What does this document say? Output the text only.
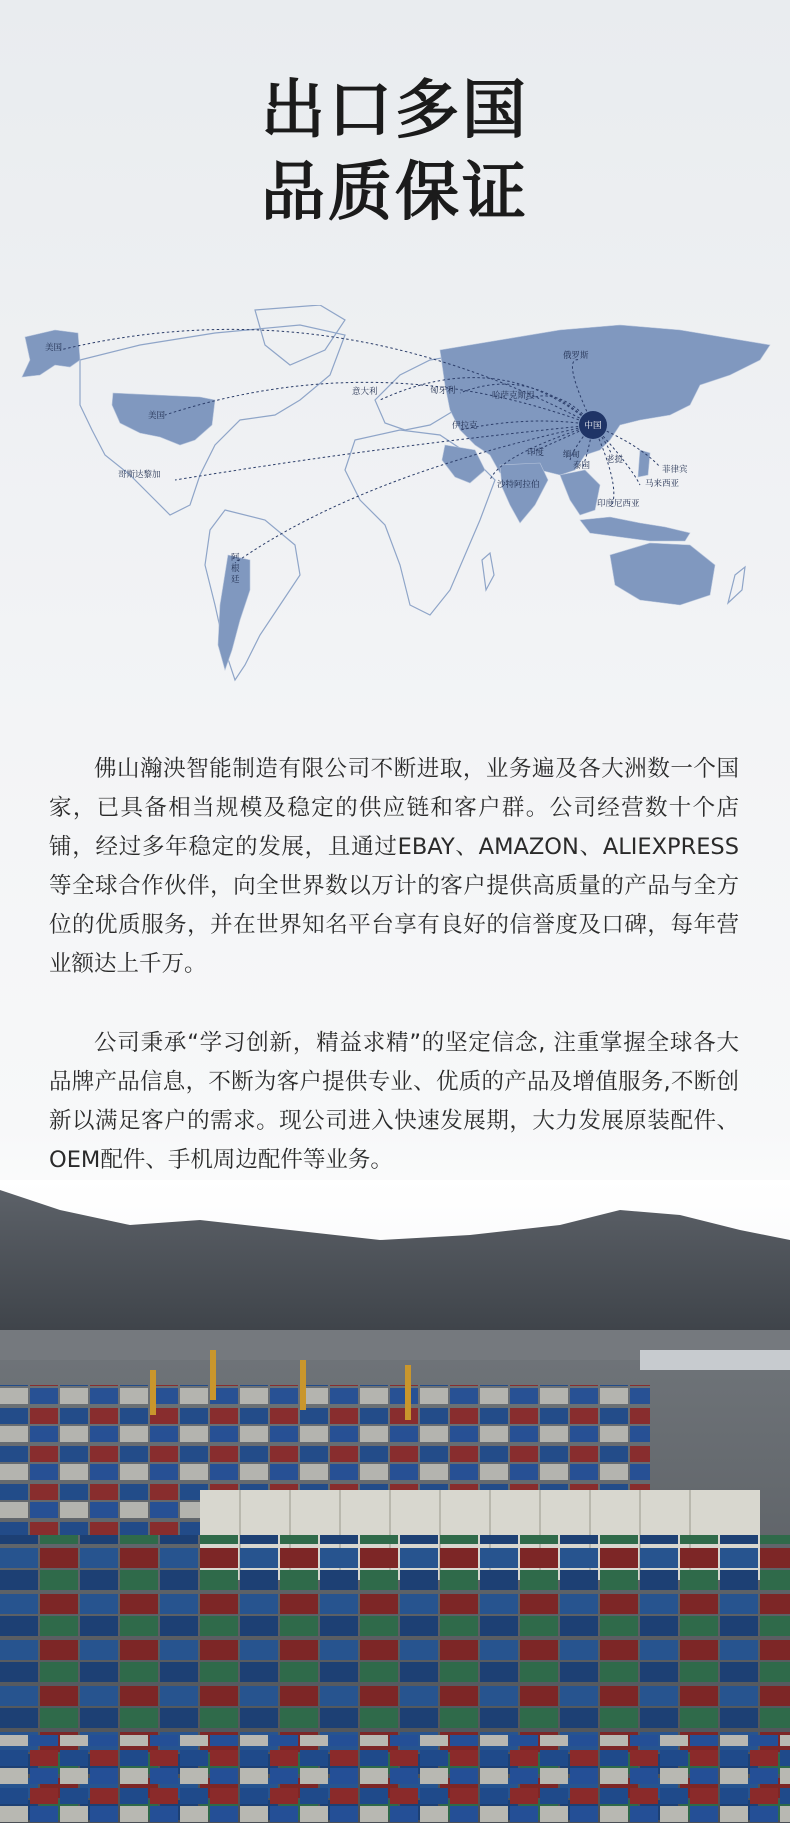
出口多国
品质保证
中国
美国
美国
哥斯达黎加
阿
根
廷
意大利	匈牙利	哈萨克斯坦
俄罗斯
伊拉克
沙特阿拉伯
印度 缅甸
泰国
老挝
菲律宾
马来西亚
印度尼西亚

佛山瀚泱智能制造有限公司不断进取，业务遍及各大洲数一个国家，已具备相当规模及稳定的供应链和客户群。公司经营数十个店铺，经过多年稳定的发展，且通过EBAY、AMAZON、ALIEXPRESS等全球合作伙伴，向全世界数以万计的客户提供高质量的产品与全方位的优质服务，并在世界知名平台享有良好的信誉度及口碑，每年营业额达上千万。

公司秉承“学习创新，精益求精”的坚定信念, 注重掌握全球各大品牌产品信息，不断为客户提供专业、优质的产品及增值服务,不断创新以满足客户的需求。现公司进入快速发展期，大力发展原装配件、OEM配件、手机周边配件等业务。
